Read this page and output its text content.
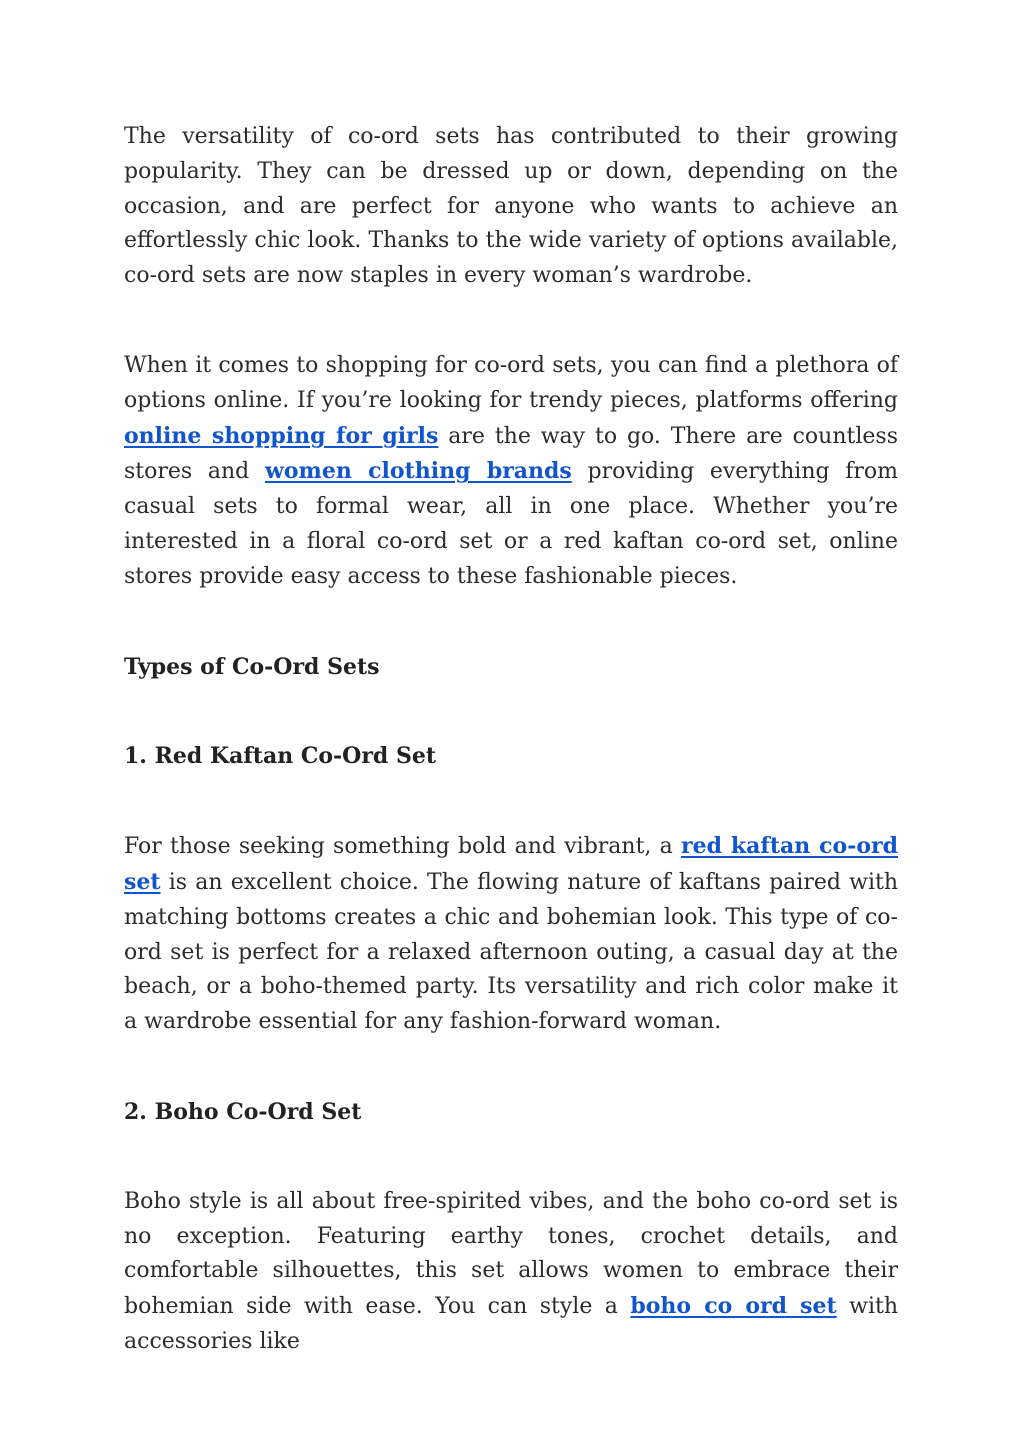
The versatility of co-ord sets has contributed to their growing popularity. They can be dressed up or down, depending on the occasion, and are perfect for anyone who wants to achieve an effortlessly chic look. Thanks to the wide variety of options available, co-ord sets are now staples in every woman’s wardrobe.

When it comes to shopping for co-ord sets, you can find a plethora of options online. If you’re looking for trendy pieces, platforms offering online shopping for girls are the way to go. There are countless stores and women clothing brands providing everything from casual sets to formal wear, all in one place. Whether you’re interested in a floral co-ord set or a red kaftan co-ord set, online stores provide easy access to these fashionable pieces.

Types of Co-Ord Sets

1. Red Kaftan Co-Ord Set

For those seeking something bold and vibrant, a red kaftan co-ord set is an excellent choice. The flowing nature of kaftans paired with matching bottoms creates a chic and bohemian look. This type of co-ord set is perfect for a relaxed afternoon outing, a casual day at the beach, or a boho-themed party. Its versatility and rich color make it a wardrobe essential for any fashion-forward woman.

2. Boho Co-Ord Set

Boho style is all about free-spirited vibes, and the boho co-ord set is no exception. Featuring earthy tones, crochet details, and comfortable silhouettes, this set allows women to embrace their bohemian side with ease. You can style a boho co ord set with accessories like
